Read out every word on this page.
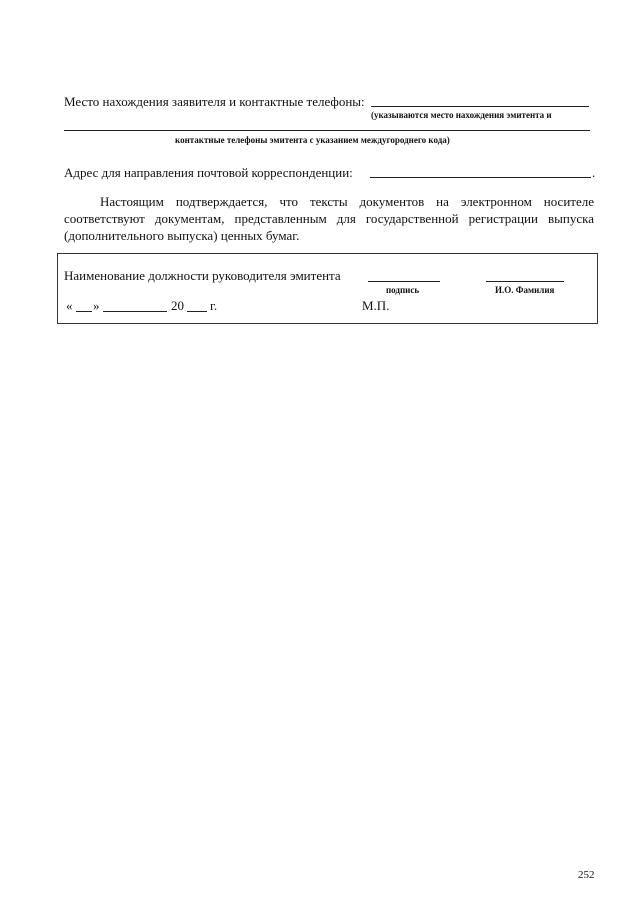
Место нахождения заявителя и контактные телефоны:
(указываются место нахождения эмитента и
контактные телефоны эмитента с указанием междугороднего кода)
Адрес для направления почтовой корреспонденции:	.
Настоящим подтверждается, что тексты документов на электронном носителе
соответствуют документам, представленным для государственной регистрации выпуска
(дополнительного выпуска) ценных бумаг.
Наименование должности руководителя эмитента
подпись	И.О. Фамилия
« »	20 г.	М.П.
252
